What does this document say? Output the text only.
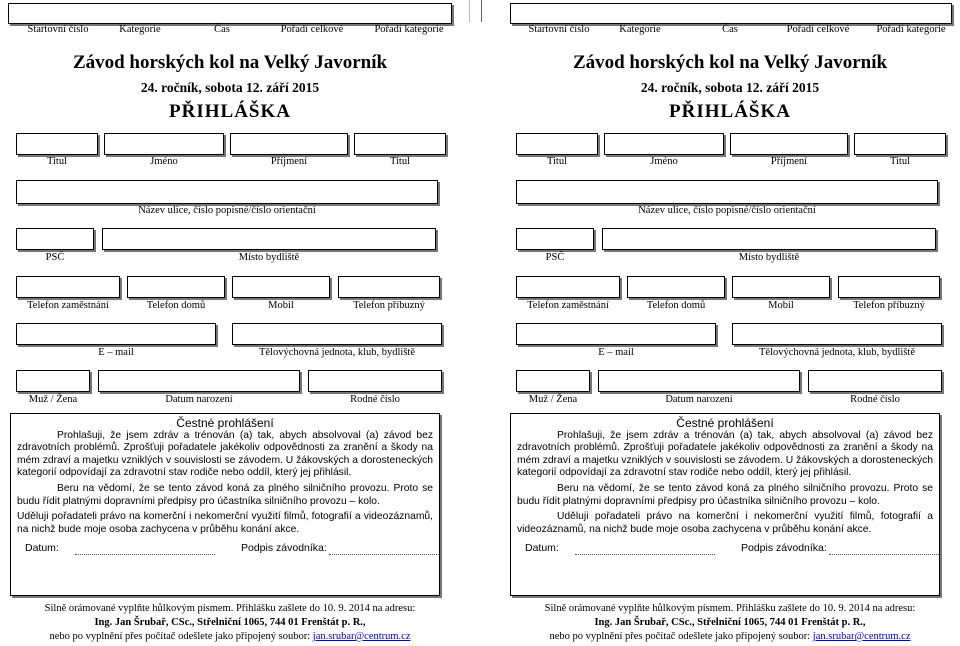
Startovní číslo	Kategorie	Čas	Pořadí celkové	Pořadí kategorie
Závod horských kol na Velký Javorník
24. ročník, sobota 12. září 2015
PŘIHLÁŠKA
Titul	Jméno	Příjmení	Titul
Název ulice, číslo popisné/číslo orientační
PSČ	Místo bydliště
Telefon zaměstnání	Telefon domů	Mobil	Telefon příbuzný
E – mail	Tělovýchovná jednota, klub, bydliště
Muž / Žena	Datum narození	Rodné číslo
Čestné prohlášení

Prohlašuji, že jsem zdráv a trénován (a) tak, abych absolvoval (a) závod bez zdravotních problémů. Zprošťuji pořadatele jakékoliv odpovědnosti za zranění a škody na mém zdraví a majetku vzniklých v souvislosti se závodem. U žákovských a dorosteneckých kategorií odpovídají za zdravotní stav rodiče nebo oddíl, který jej přihlásil.

Beru na vědomí, že se tento závod koná za plného silničního provozu. Proto se budu řídit platnými dopravními předpisy pro účastníka silničního provozu – kolo.

Uděluji pořadateli právo na komerční i nekomerční využití filmů, fotografií a videozáznamů, na nichž bude moje osoba zachycena v průběhu konání akce.

Datum:	Podpis závodníka:
Silně orámované vyplňte hůlkovým písmem. Přihlášku zašlete do 10. 9. 2014 na adresu:
Ing. Jan Šrubař, CSc., Střelniční 1065, 744 01 Frenštát p. R.,
nebo po vyplnění přes počítač odešlete jako připojený soubor: jan.srubar@centrum.cz
Startovní číslo	Kategorie	Čas	Pořadí celkové	Pořadí kategorie
Závod horských kol na Velký Javorník
24. ročník, sobota 12. září 2015
PŘIHLÁŠKA
Titul	Jméno	Příjmení	Titul
Název ulice, číslo popisné/číslo orientační
PSČ	Místo bydliště
Telefon zaměstnání	Telefon domů	Mobil	Telefon příbuzný
E – mail	Tělovýchovná jednota, klub, bydliště
Muž / Žena	Datum narození	Rodné číslo
Čestné prohlášení

Prohlašuji, že jsem zdráv a trénován (a) tak, abych absolvoval (a) závod bez zdravotních problémů. Zprošťuji pořadatele jakékoliv odpovědnosti za zranění a škody na mém zdraví a majetku vzniklých v souvislosti se závodem. U žákovských a dorosteneckých kategorií odpovídají za zdravotní stav rodiče nebo oddíl, který jej přihlásil.

Beru na vědomí, že se tento závod koná za plného silničního provozu. Proto se budu řídit platnými dopravními předpisy pro účastníka silničního provozu – kolo.

Uděluji pořadateli právo na komerční i nekomerční využití filmů, fotografií a videozáznamů, na nichž bude moje osoba zachycena v průběhu konání akce.

Datum:	Podpis závodníka:
Silně orámované vyplňte hůlkovým písmem. Přihlášku zašlete do 10. 9. 2014 na adresu:
Ing. Jan Šrubař, CSc., Střelniční 1065, 744 01 Frenštát p. R.,
nebo po vyplnění přes počítač odešlete jako připojený soubor: jan.srubar@centrum.cz
